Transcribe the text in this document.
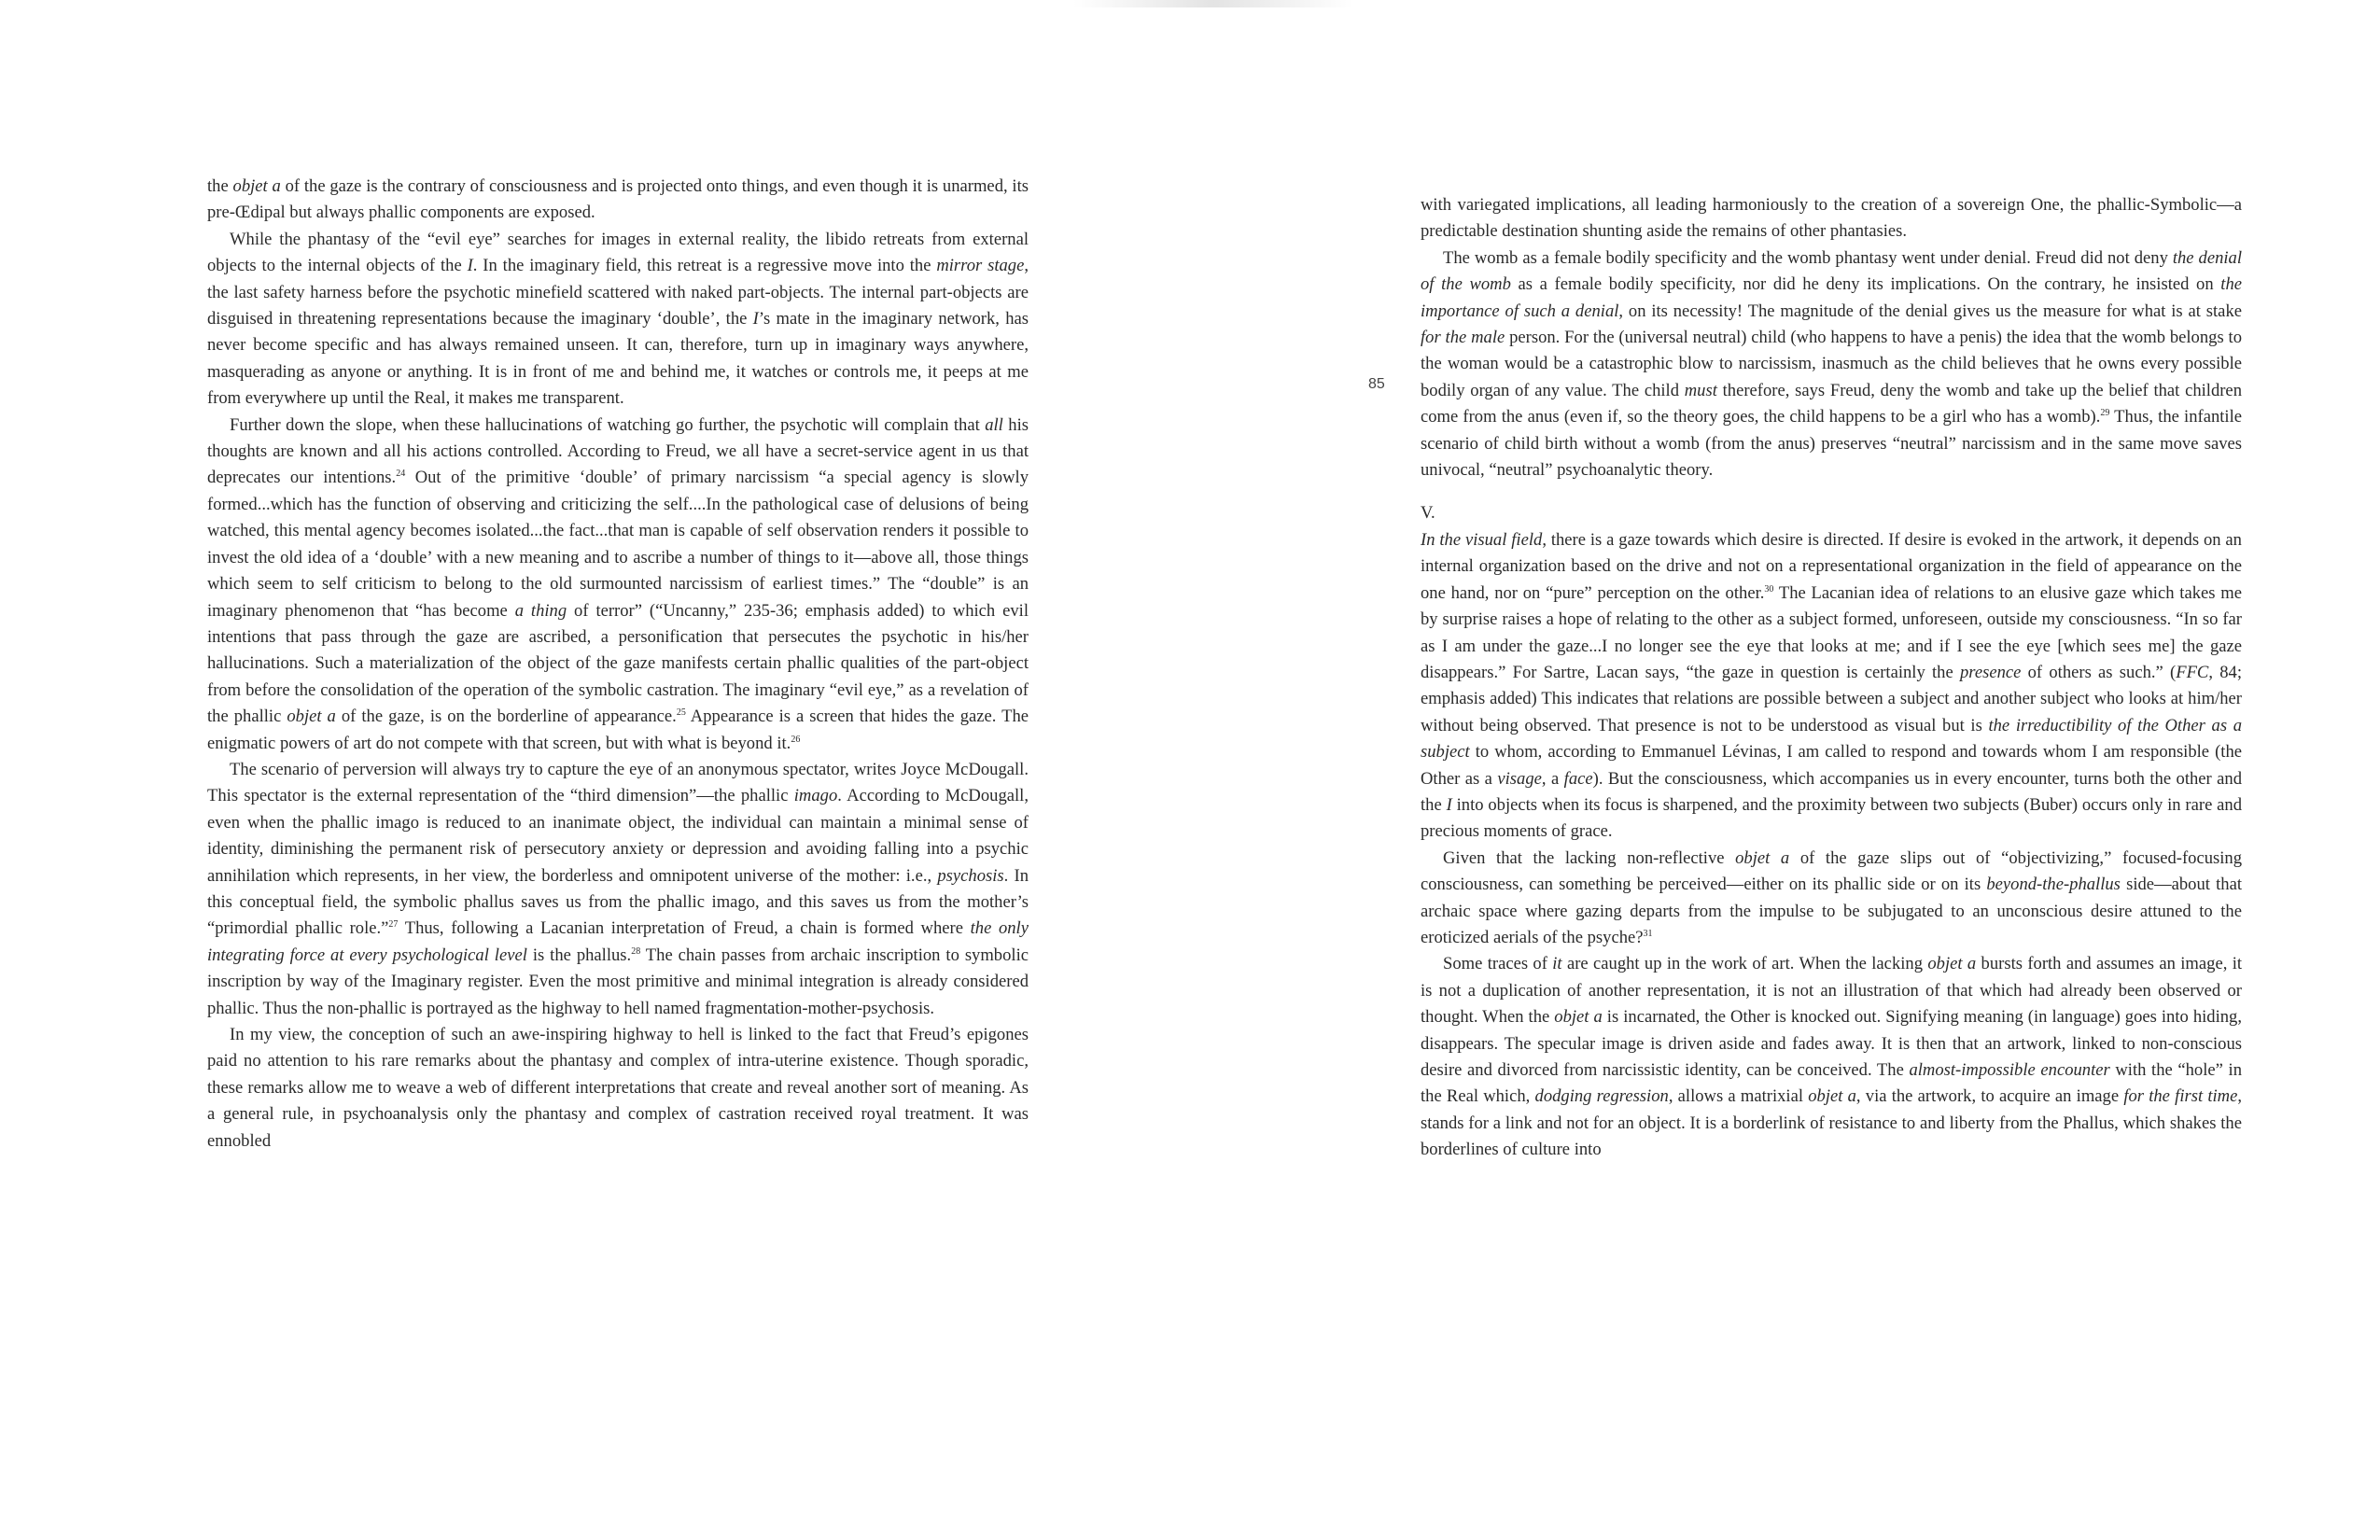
the objet a of the gaze is the contrary of consciousness and is projected onto things, and even though it is unarmed, its pre-Œdipal but always phallic components are exposed.

While the phantasy of the “evil eye” searches for images in external reality, the libido retreats from external objects to the internal objects of the I. In the imaginary field, this retreat is a regressive move into the mirror stage, the last safety harness before the psychotic minefield scattered with naked part-objects. The internal part-objects are disguised in threatening representations because the imaginary ‘double’, the I’s mate in the imaginary network, has never become specific and has always remained unseen. It can, therefore, turn up in imaginary ways anywhere, masquerading as anyone or anything. It is in front of me and behind me, it watches or controls me, it peeps at me from everywhere up until the Real, it makes me transparent.

Further down the slope, when these hallucinations of watching go further, the psychotic will complain that all his thoughts are known and all his actions controlled. According to Freud, we all have a secret-service agent in us that deprecates our intentions.$^{24}$ Out of the primitive ‘double’ of primary narcissism “a special agency is slowly formed...which has the function of observing and criticizing the self....In the pathological case of delusions of being watched, this mental agency becomes isolated...the fact...that man is capable of self observation renders it possible to invest the old idea of a ‘double’ with a new meaning and to ascribe a number of things to it—above all, those things which seem to self criticism to belong to the old surmounted narcissism of earliest times.” The “double” is an imaginary phenomenon that “has become a thing of terror” (“Uncanny,” 235-36; emphasis added) to which evil intentions that pass through the gaze are ascribed, a personification that persecutes the psychotic in his/her hallucinations. Such a materialization of the object of the gaze manifests certain phallic qualities of the part-object from before the consolidation of the operation of the symbolic castration. The imaginary “evil eye,” as a revelation of the phallic objet a of the gaze, is on the borderline of appearance.$^{25}$ Appearance is a screen that hides the gaze. The enigmatic powers of art do not compete with that screen, but with what is beyond it.$^{26}$

The scenario of perversion will always try to capture the eye of an anonymous spectator, writes Joyce McDougall. This spectator is the external representation of the “third dimension”—the phallic imago. According to McDougall, even when the phallic imago is reduced to an inanimate object, the individual can maintain a minimal sense of identity, diminishing the permanent risk of persecutory anxiety or depression and avoiding falling into a psychic annihilation which represents, in her view, the borderless and omnipotent universe of the mother: i.e., psychosis. In this conceptual field, the symbolic phallus saves us from the phallic imago, and this saves us from the mother’s “primordial phallic role.”$^{27}$ Thus, following a Lacanian interpretation of Freud, a chain is formed where the only integrating force at every psychological level is the phallus.$^{28}$ The chain passes from archaic inscription to symbolic inscription by way of the Imaginary register. Even the most primitive and minimal integration is already considered phallic. Thus the non-phallic is portrayed as the highway to hell named fragmentation-mother-psychosis.

In my view, the conception of such an awe-inspiring highway to hell is linked to the fact that Freud’s epigones paid no attention to his rare remarks about the phantasy and complex of intra-uterine existence. Though sporadic, these remarks allow me to weave a web of different interpretations that create and reveal another sort of meaning. As a general rule, in psychoanalysis only the phantasy and complex of castration received royal treatment. It was ennobled

85

with variegated implications, all leading harmoniously to the creation of a sovereign One, the phallic-Symbolic—a predictable destination shunting aside the remains of other phantasies.

The womb as a female bodily specificity and the womb phantasy went under denial. Freud did not deny the denial of the womb as a female bodily specificity, nor did he deny its implications. On the contrary, he insisted on the importance of such a denial, on its necessity! The magnitude of the denial gives us the measure for what is at stake for the male person. For the (universal neutral) child (who happens to have a penis) the idea that the womb belongs to the woman would be a catastrophic blow to narcissism, inasmuch as the child believes that he owns every possible bodily organ of any value. The child must therefore, says Freud, deny the womb and take up the belief that children come from the anus (even if, so the theory goes, the child happens to be a girl who has a womb).$^{29}$ Thus, the infantile scenario of child birth without a womb (from the anus) preserves “neutral” narcissism and in the same move saves univocal, “neutral” psychoanalytic theory.

V.

In the visual field, there is a gaze towards which desire is directed. If desire is evoked in the artwork, it depends on an internal organization based on the drive and not on a representational organization in the field of appearance on the one hand, nor on “pure” perception on the other.$^{30}$ The Lacanian idea of relations to an elusive gaze which takes me by surprise raises a hope of relating to the other as a subject formed, unforeseen, outside my consciousness. “In so far as I am under the gaze...I no longer see the eye that looks at me; and if I see the eye [which sees me] the gaze disappears.” For Sartre, Lacan says, “the gaze in question is certainly the presence of others as such.” (FFC, 84; emphasis added) This indicates that relations are possible between a subject and another subject who looks at him/her without being observed. That presence is not to be understood as visual but is the irreductibility of the Other as a subject to whom, according to Emmanuel Lévinas, I am called to respond and towards whom I am responsible (the Other as a visage, a face). But the consciousness, which accompanies us in every encounter, turns both the other and the I into objects when its focus is sharpened, and the proximity between two subjects (Buber) occurs only in rare and precious moments of grace.

Given that the lacking non-reflective objet a of the gaze slips out of “objectivizing,” focused-focusing consciousness, can something be perceived—either on its phallic side or on its beyond-the-phallus side—about that archaic space where gazing departs from the impulse to be subjugated to an unconscious desire attuned to the eroticized aerials of the psyche?$^{31}$

Some traces of it are caught up in the work of art. When the lacking objet a bursts forth and assumes an image, it is not a duplication of another representation, it is not an illustration of that which had already been observed or thought. When the objet a is incarnated, the Other is knocked out. Signifying meaning (in language) goes into hiding, disappears. The specular image is driven aside and fades away. It is then that an artwork, linked to non-conscious desire and divorced from narcissistic identity, can be conceived. The almost-impossible encounter with the “hole” in the Real which, dodging regression, allows a matrixial objet a, via the artwork, to acquire an image for the first time, stands for a link and not for an object. It is a borderlink of resistance to and liberty from the Phallus, which shakes the borderlines of culture into
